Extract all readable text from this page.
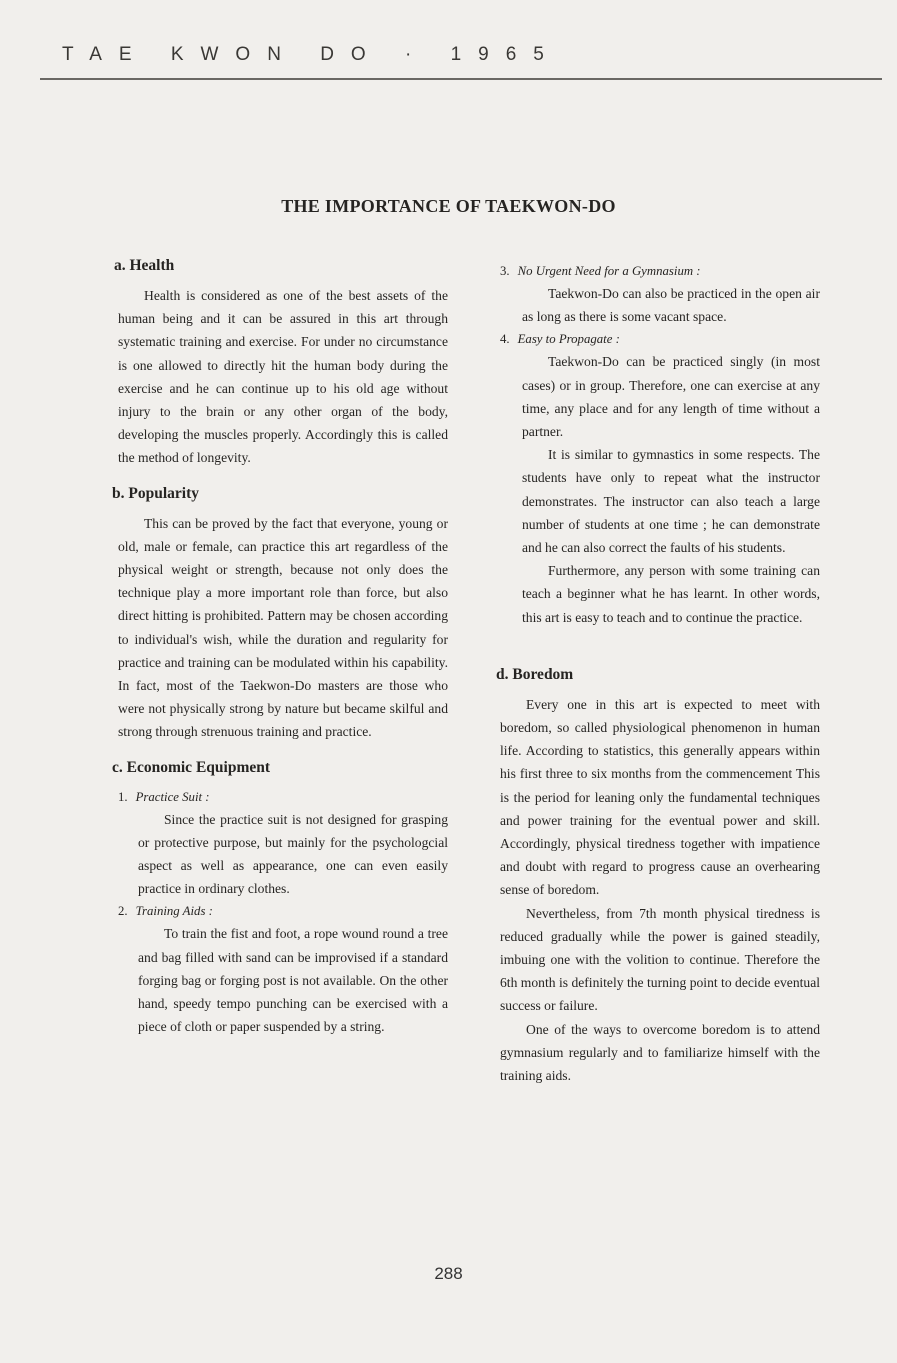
TAE KWON DO · 1965
THE IMPORTANCE OF TAEKWON-DO
a. Health

Health is considered as one of the best assets of the human being and it can be assured in this art through systematic training and exercise. For under no circumstance is one allowed to directly hit the human body during the exercise and he can continue up to his old age without injury to the brain or any other organ of the body, developing the muscles properly. Accordingly this is called the method of longevity.

b. Popularity

This can be proved by the fact that everyone, young or old, male or female, can practice this art regardless of the physical weight or strength, because not only does the technique play a more important role than force, but also direct hitting is prohibited. Pattern may be chosen according to individual's wish, while the duration and regularity for practice and training can be modulated within his capability. In fact, most of the Taekwon-Do masters are those who were not physically strong by nature but became skilful and strong through strenuous training and practice.

c. Economic Equipment
1. Practice Suit :

Since the practice suit is not designed for grasping or protective purpose, but mainly for the psychologcial aspect as well as appearance, one can even easily practice in ordinary clothes.

2. Training Aids :

To train the fist and foot, a rope wound round a tree and bag filled with sand can be improvised if a standard forging bag or forging post is not available. On the other hand, speedy tempo punching can be exercised with a piece of cloth or paper suspended by a string.

3. No Urgent Need for a Gymnasium :

Taekwon-Do can also be practiced in the open air as long as there is some vacant space.

4. Easy to Propagate :

Taekwon-Do can be practiced singly (in most cases) or in group. Therefore, one can exercise at any time, any place and for any length of time without a partner.

It is similar to gymnastics in some respects. The students have only to repeat what the instructor demonstrates. The instructor can also teach a large number of students at one time ; he can demonstrate and he can also correct the faults of his students.

Furthermore, any person with some training can teach a beginner what he has learnt. In other words, this art is easy to teach and to continue the practice.

d. Boredom

Every one in this art is expected to meet with boredom, so called physiological phenomenon in human life. According to statistics, this generally appears within his first three to six months from the commencement This is the period for leaning only the fundamental techniques and power training for the eventual power and skill. Accordingly, physical tiredness together with impatience and doubt with regard to progress cause an overhearing sense of boredom.

Nevertheless, from 7th month physical tiredness is reduced gradually while the power is gained steadily, imbuing one with the volition to continue. Therefore the 6th month is definitely the turning point to decide eventual success or failure.

One of the ways to overcome boredom is to attend gymnasium regularly and to familiarize himself with the training aids.

288
